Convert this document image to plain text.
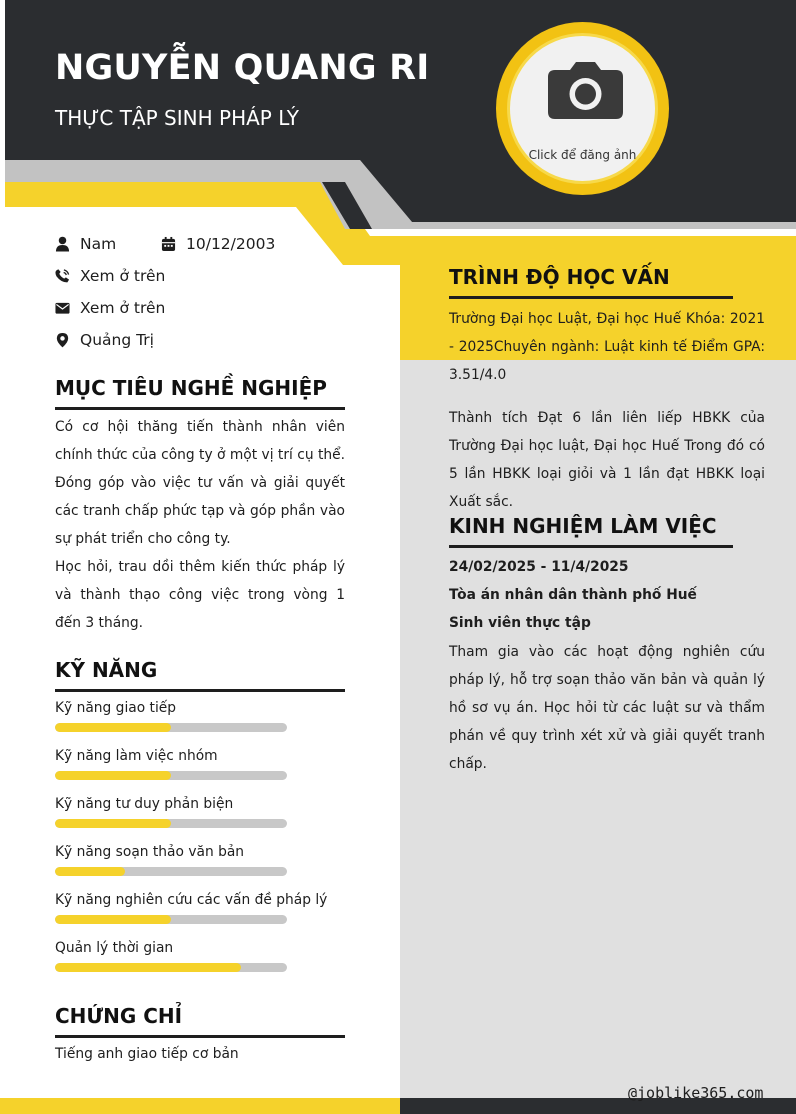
NGUYỄN QUANG RI
THỰC TẬP SINH PHÁP LÝ
Click để đăng ảnh
Nam	10/12/2003
Xem ở trên
Xem ở trên
Quảng Trị
MỤC TIÊU NGHỀ NGHIỆP
Có cơ hội thăng tiến thành nhân viên chính thức của công ty ở một vị trí cụ thể. Đóng góp vào việc tư vấn và giải quyết các tranh chấp phức tạp và góp phần vào sự phát triển cho công ty.
Học hỏi, trau dồi thêm kiến thức pháp lý và thành thạo công việc trong vòng 1 đến 3 tháng.
KỸ NĂNG
Kỹ năng giao tiếp
Kỹ năng làm việc nhóm
Kỹ năng tư duy phản biện
Kỹ năng soạn thảo văn bản
Kỹ năng nghiên cứu các vấn đề pháp lý
Quản lý thời gian
CHỨNG CHỈ
Tiếng anh giao tiếp cơ bản
TRÌNH ĐỘ HỌC VẤN
Trường Đại học Luật, Đại học Huế Khóa: 2021 - 2025Chuyên ngành: Luật kinh tế Điểm GPA: 3.51/4.0
Thành tích Đạt 6 lần liên liếp HBKK của Trường Đại học luật, Đại học Huế Trong đó có 5 lần HBKK loại giỏi và 1 lần đạt HBKK loại Xuất sắc.
KINH NGHIỆM LÀM VIỆC
24/02/2025 - 11/4/2025
Tòa án nhân dân thành phố Huế
Sinh viên thực tập
Tham gia vào các hoạt động nghiên cứu pháp lý, hỗ trợ soạn thảo văn bản và quản lý hồ sơ vụ án. Học hỏi từ các luật sư và thẩm phán về quy trình xét xử và giải quyết tranh chấp.
@joblike365.com
